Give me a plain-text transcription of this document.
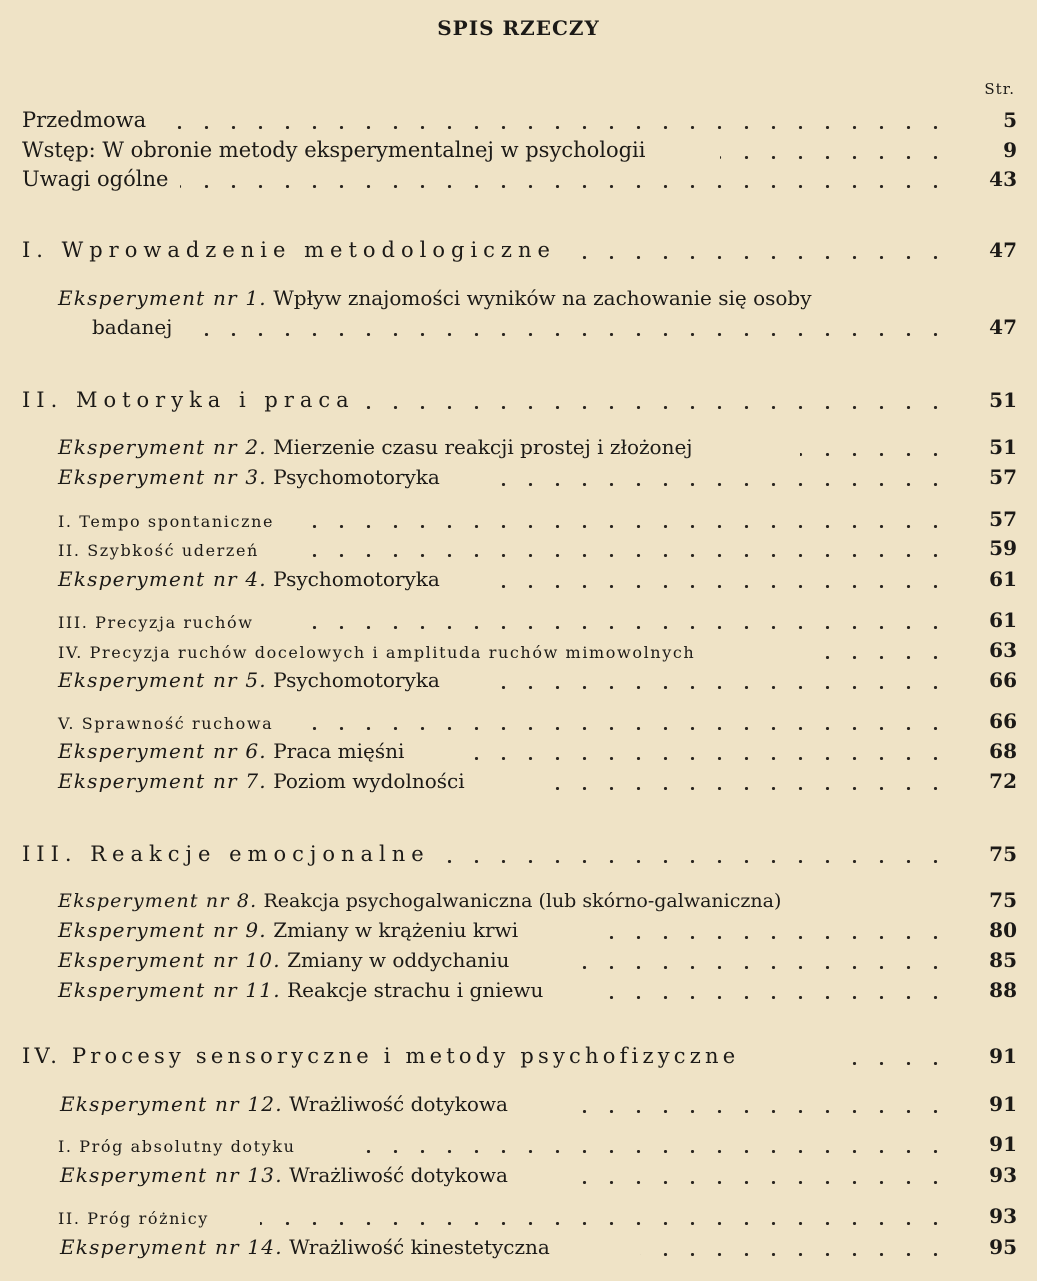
SPIS RZECZY
Str.
Przedmowa	5
Wstęp: W obronie metody eksperymentalnej w psychologii	9
Uwagi ogólne	43
I. Wprowadzenie metodologiczne	47
Eksperyment nr 1. Wpływ znajomości wyników na zachowanie się osoby
badanej	47
II. Motoryka i praca	51
Eksperyment nr 2. Mierzenie czasu reakcji prostej i złożonej	51
Eksperyment nr 3. Psychomotoryka	57
I. Tempo spontaniczne	57
II. Szybkość uderzeń	59
Eksperyment nr 4. Psychomotoryka	61
III. Precyzja ruchów	61
IV. Precyzja ruchów docelowych i amplituda ruchów mimowolnych	63
Eksperyment nr 5. Psychomotoryka	66
V. Sprawność ruchowa	66
Eksperyment nr 6. Praca mięśni	68
Eksperyment nr 7. Poziom wydolności	72
III. Reakcje emocjonalne	75
Eksperyment nr 8. Reakcja psychogalwaniczna (lub skórno-galwaniczna)	75
Eksperyment nr 9. Zmiany w krążeniu krwi	80
Eksperyment nr 10. Zmiany w oddychaniu	85
Eksperyment nr 11. Reakcje strachu i gniewu	88
IV. Procesy sensoryczne i metody psychofizyczne	91
Eksperyment nr 12. Wrażliwość dotykowa	91
I. Próg absolutny dotyku	91
Eksperyment nr 13. Wrażliwość dotykowa	93
II. Próg różnicy	93
Eksperyment nr 14. Wrażliwość kinestetyczna	95
